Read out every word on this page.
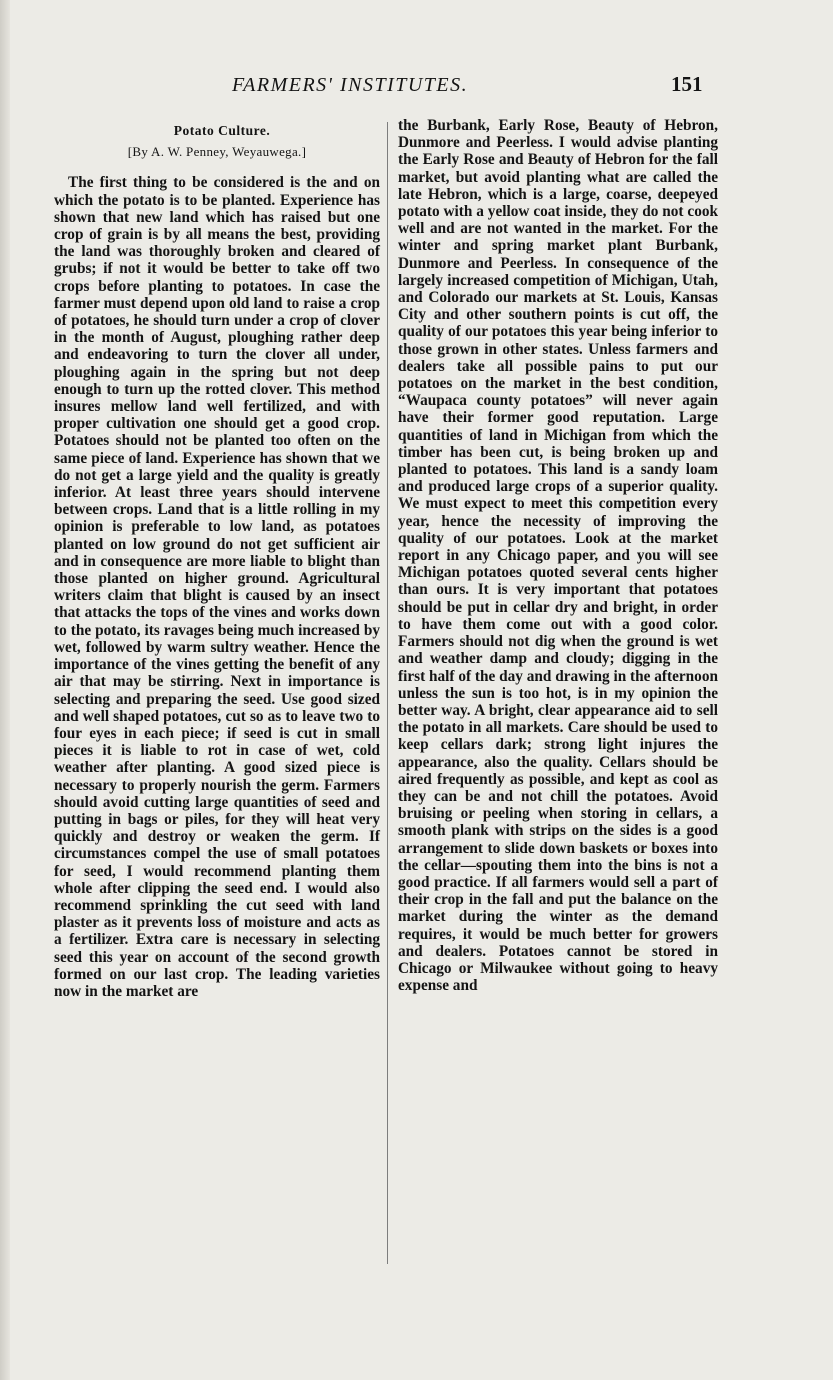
FARMERS' INSTITUTES.	151
Potato Culture.
[By A. W. Penney, Weyauwega.]

The first thing to be considered is the and on which the potato is to be planted. Experience has shown that new land which has raised but one crop of grain is by all means the best, providing the land was thoroughly broken and cleared of grubs; if not it would be better to take off two crops before planting to potatoes. In case the farmer must depend upon old land to raise a crop of potatoes, he should turn under a crop of clover in the month of August, ploughing rather deep and endeavoring to turn the clover all under, ploughing again in the spring but not deep enough to turn up the rotted clover. This method insures mellow land well fertilized, and with proper cultivation one should get a good crop. Potatoes should not be planted too often on the same piece of land. Experience has shown that we do not get a large yield and the quality is greatly inferior. At least three years should intervene between crops. Land that is a little rolling in my opinion is preferable to low land, as potatoes planted on low ground do not get sufficient air and in consequence are more liable to blight than those planted on higher ground. Agricultural writers claim that blight is caused by an insect that attacks the tops of the vines and works down to the potato, its ravages being much increased by wet, followed by warm sultry weather. Hence the importance of the vines getting the benefit of any air that may be stirring. Next in importance is selecting and preparing the seed. Use good sized and well shaped potatoes, cut so as to leave two to four eyes in each piece; if seed is cut in small pieces it is liable to rot in case of wet, cold weather after planting. A good sized piece is necessary to properly nourish the germ. Farmers should avoid cutting large quantities of seed and putting in bags or piles, for they will heat very quickly and destroy or weaken the germ. If circumstances compel the use of small potatoes for seed, I would recommend planting them whole after clipping the seed end. I would also recommend sprinkling the cut seed with land plaster as it prevents loss of moisture and acts as a fertilizer. Extra care is necessary in selecting seed this year on account of the second growth formed on our last crop. The leading varieties now in the market are

the Burbank, Early Rose, Beauty of Hebron, Dunmore and Peerless. I would advise planting the Early Rose and Beauty of Hebron for the fall market, but avoid planting what are called the late Hebron, which is a large, coarse, deepeyed potato with a yellow coat inside, they do not cook well and are not wanted in the market. For the winter and spring market plant Burbank, Dunmore and Peerless. In consequence of the largely increased competition of Michigan, Utah, and Colorado our markets at St. Louis, Kansas City and other southern points is cut off, the quality of our potatoes this year being inferior to those grown in other states. Unless farmers and dealers take all possible pains to put our potatoes on the market in the best condition, “Waupaca county potatoes” will never again have their former good reputation. Large quantities of land in Michigan from which the timber has been cut, is being broken up and planted to potatoes. This land is a sandy loam and produced large crops of a superior quality. We must expect to meet this competition every year, hence the necessity of improving the quality of our potatoes. Look at the market report in any Chicago paper, and you will see Michigan potatoes quoted several cents higher than ours. It is very important that potatoes should be put in cellar dry and bright, in order to have them come out with a good color. Farmers should not dig when the ground is wet and weather damp and cloudy; digging in the first half of the day and drawing in the afternoon unless the sun is too hot, is in my opinion the better way. A bright, clear appearance aid to sell the potato in all markets. Care should be used to keep cellars dark; strong light injures the appearance, also the quality. Cellars should be aired frequently as possible, and kept as cool as they can be and not chill the potatoes. Avoid bruising or peeling when storing in cellars, a smooth plank with strips on the sides is a good arrangement to slide down baskets or boxes into the cellar—spouting them into the bins is not a good practice. If all farmers would sell a part of their crop in the fall and put the balance on the market during the winter as the demand requires, it would be much better for growers and dealers. Potatoes cannot be stored in Chicago or Milwaukee without going to heavy expense and
